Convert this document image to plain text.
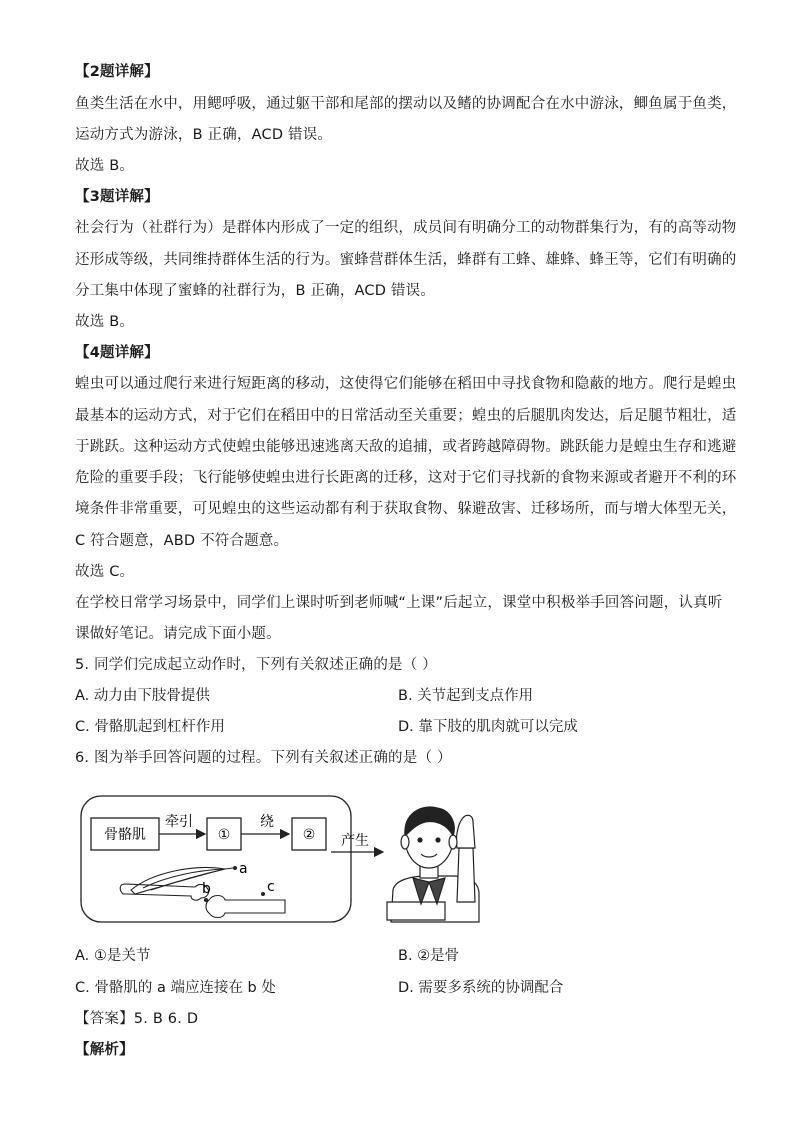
【2题详解】
鱼类生活在水中，用鳃呼吸，通过躯干部和尾部的摆动以及鳍的协调配合在水中游泳，鲫鱼属于鱼类，
运动方式为游泳，B 正确，ACD 错误。
故选 B。
【3题详解】
社会行为（社群行为）是群体内形成了一定的组织，成员间有明确分工的动物群集行为，有的高等动物
还形成等级，共同维持群体生活的行为。蜜蜂营群体生活，蜂群有工蜂、雄蜂、蜂王等，它们有明确的
分工集中体现了蜜蜂的社群行为，B 正确，ACD 错误。
故选 B。
【4题详解】
蝗虫可以通过爬行来进行短距离的移动，这使得它们能够在稻田中寻找食物和隐蔽的地方。爬行是蝗虫
最基本的运动方式，对于它们在稻田中的日常活动至关重要；蝗虫的后腿肌肉发达，后足腿节粗壮，适
于跳跃。这种运动方式使蝗虫能够迅速逃离天敌的追捕，或者跨越障碍物。跳跃能力是蝗虫生存和逃避
危险的重要手段；飞行能够使蝗虫进行长距离的迁移，这对于它们寻找新的食物来源或者避开不利的环
境条件非常重要，可见蝗虫的这些运动都有利于获取食物、躲避敌害、迁移场所，而与增大体型无关，
C 符合题意，ABD 不符合题意。
故选 C。
在学校日常学习场景中，同学们上课时听到老师喊“上课”后起立，课堂中积极举手回答问题，认真听
课做好笔记。请完成下面小题。
5. 同学们完成起立动作时，下列有关叙述正确的是（ ）
A. 动力由下肢骨提供	B. 关节起到支点作用
C. 骨骼肌起到杠杆作用	D. 靠下肢的肌肉就可以完成
6. 图为举手回答问题的过程。下列有关叙述正确的是（ ）
骨骼肌
牵引
①
绕
② 产生
a
b	c
A. ①是关节	B. ②是骨
C. 骨骼肌的 a 端应连接在 b 处	D. 需要多系统的协调配合
【答案】5. B 6. D
【解析】
